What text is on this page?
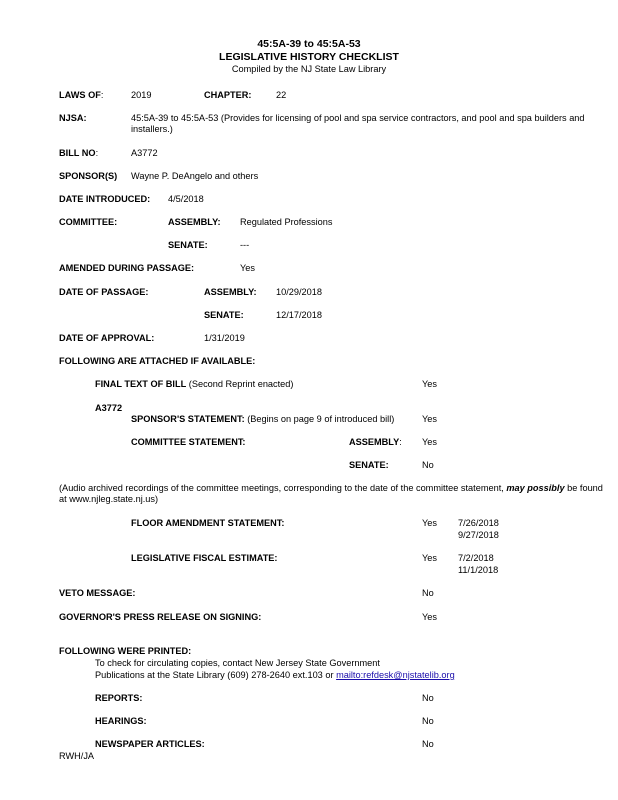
45:5A-39 to 45:5A-53
LEGISLATIVE HISTORY CHECKLIST
Compiled by the NJ State Law Library
LAWS OF:	2019	CHAPTER:	22
NJSA:	45:5A-39 to 45:5A-53 (Provides for licensing of pool and spa service contractors, and pool and spa builders and installers.)
BILL NO:	A3772
SPONSOR(S) Wayne P. DeAngelo and others
DATE INTRODUCED: 4/5/2018
COMMITTEE:	ASSEMBLY: Regulated Professions
SENATE:	---
AMENDED DURING PASSAGE:	Yes
DATE OF PASSAGE:	ASSEMBLY: 10/29/2018
SENATE:	12/17/2018
DATE OF APPROVAL:	1/31/2019
FOLLOWING ARE ATTACHED IF AVAILABLE:
FINAL TEXT OF BILL (Second Reprint enacted)	Yes
A3772
SPONSOR'S STATEMENT: (Begins on page 9 of introduced bill)	Yes
COMMITTEE STATEMENT:	ASSEMBLY: Yes
SENATE:	No
(Audio archived recordings of the committee meetings, corresponding to the date of the committee statement, may possibly be found at www.njleg.state.nj.us)
FLOOR AMENDMENT STATEMENT:	Yes 7/26/2018
9/27/2018
LEGISLATIVE FISCAL ESTIMATE:	Yes 7/2/2018
11/1/2018
VETO MESSAGE:	No
GOVERNOR'S PRESS RELEASE ON SIGNING:	Yes
FOLLOWING WERE PRINTED:
To check for circulating copies, contact New Jersey State Government
Publications at the State Library (609) 278-2640 ext.103 or mailto:refdesk@njstatelib.org
REPORTS:	No
HEARINGS:	No
NEWSPAPER ARTICLES:	No
RWH/JA
